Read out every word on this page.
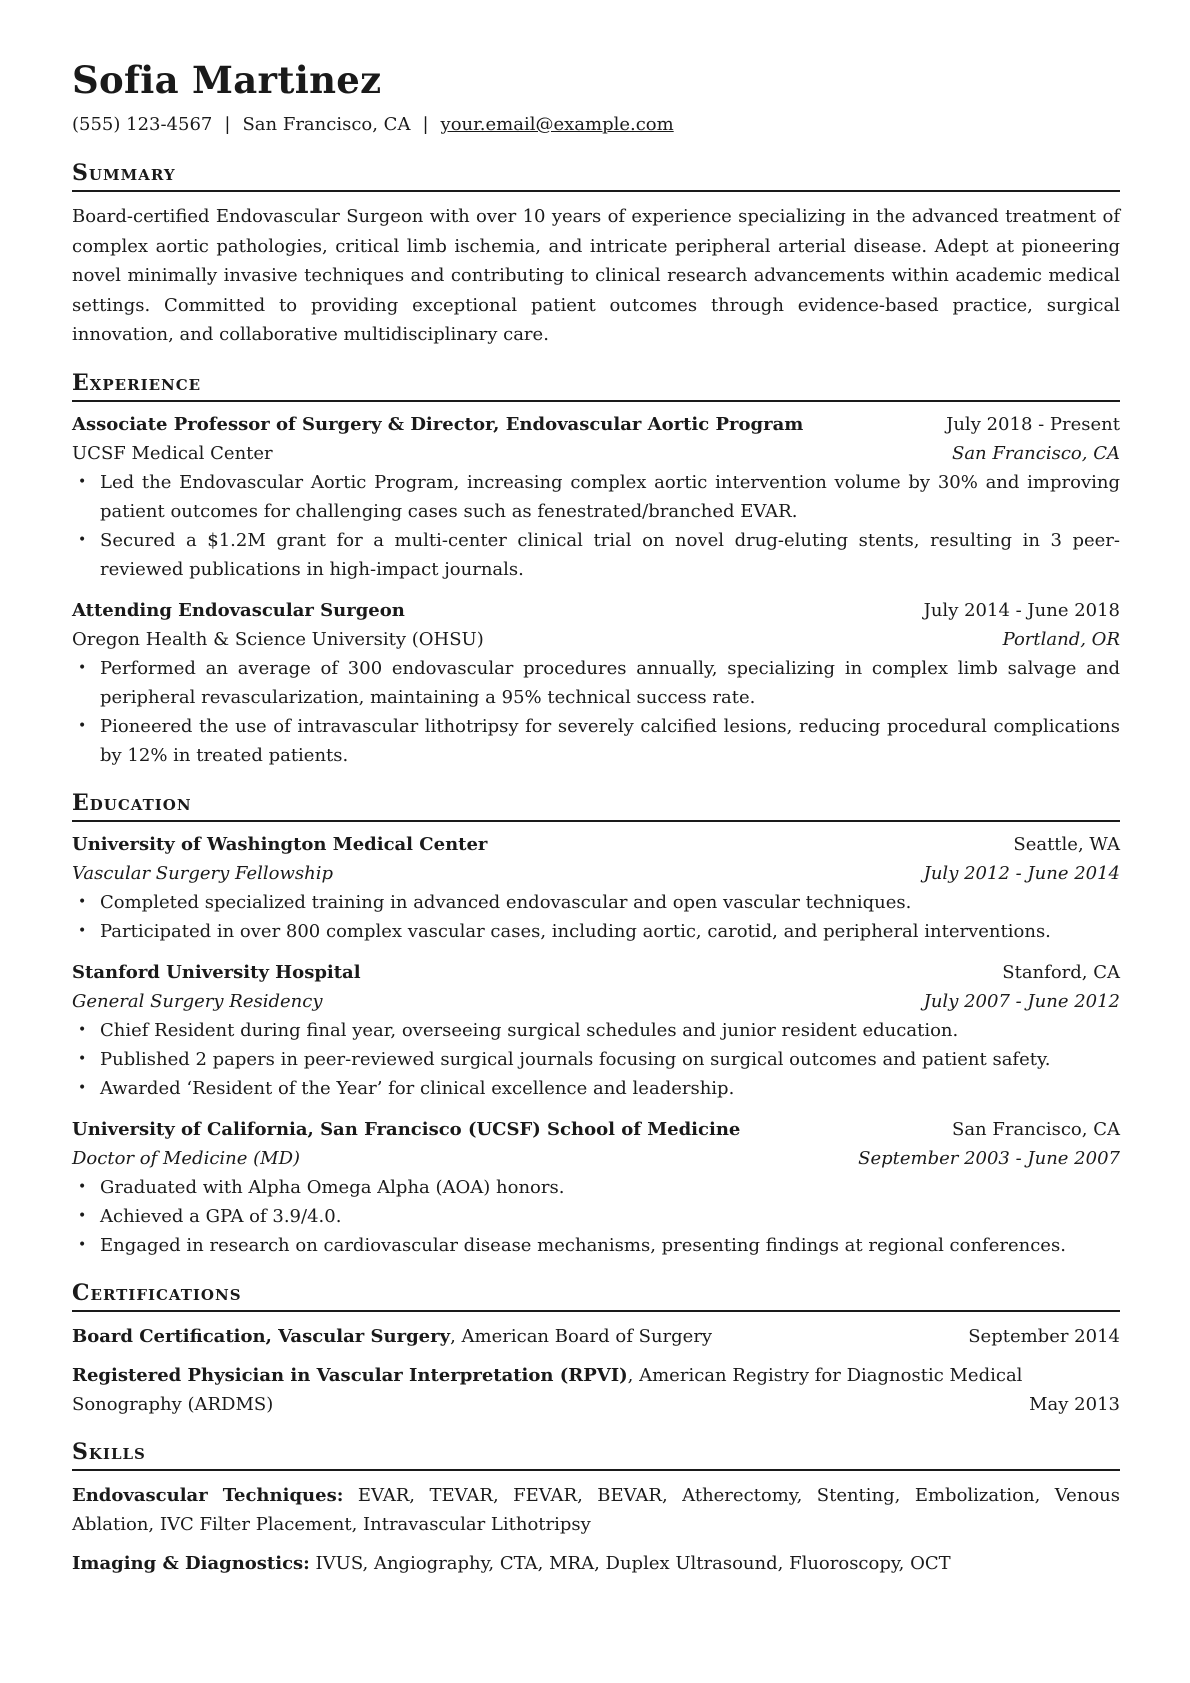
Sofia Martinez
(555) 123-4567 | San Francisco, CA | your.email@example.com
Summary
Board-certified Endovascular Surgeon with over 10 years of experience specializing in the advanced treatment of complex aortic pathologies, critical limb ischemia, and intricate peripheral arterial disease. Adept at pioneering novel minimally invasive techniques and contributing to clinical research advancements within academic medical settings. Committed to providing exceptional patient outcomes through evidence-based practice, surgical innovation, and collaborative multidisciplinary care.
Experience
Associate Professor of Surgery & Director, Endovascular Aortic Program	July 2018 - Present
UCSF Medical Center	San Francisco, CA
• Led the Endovascular Aortic Program, increasing complex aortic intervention volume by 30% and improving patient outcomes for challenging cases such as fenestrated/branched EVAR.
• Secured a $1.2M grant for a multi-center clinical trial on novel drug-eluting stents, resulting in 3 peer-reviewed publications in high-impact journals.
Attending Endovascular Surgeon	July 2014 - June 2018
Oregon Health & Science University (OHSU)	Portland, OR
• Performed an average of 300 endovascular procedures annually, specializing in complex limb salvage and peripheral revascularization, maintaining a 95% technical success rate.
• Pioneered the use of intravascular lithotripsy for severely calcified lesions, reducing procedural complications by 12% in treated patients.
Education
University of Washington Medical Center	Seattle, WA
Vascular Surgery Fellowship	July 2012 - June 2014
• Completed specialized training in advanced endovascular and open vascular techniques.
• Participated in over 800 complex vascular cases, including aortic, carotid, and peripheral interventions.
Stanford University Hospital	Stanford, CA
General Surgery Residency	July 2007 - June 2012
• Chief Resident during final year, overseeing surgical schedules and junior resident education.
• Published 2 papers in peer-reviewed surgical journals focusing on surgical outcomes and patient safety.
• Awarded ‘Resident of the Year’ for clinical excellence and leadership.
University of California, San Francisco (UCSF) School of Medicine	San Francisco, CA
Doctor of Medicine (MD)	September 2003 - June 2007
• Graduated with Alpha Omega Alpha (AOA) honors.
• Achieved a GPA of 3.9/4.0.
• Engaged in research on cardiovascular disease mechanisms, presenting findings at regional conferences.
Certifications
Board Certification, Vascular Surgery, American Board of Surgery	September 2014
Registered Physician in Vascular Interpretation (RPVI), American Registry for Diagnostic Medical
Sonography (ARDMS)	May 2013
Skills
Endovascular Techniques: EVAR, TEVAR, FEVAR, BEVAR, Atherectomy, Stenting, Embolization, Venous Ablation, IVC Filter Placement, Intravascular Lithotripsy
Imaging & Diagnostics: IVUS, Angiography, CTA, MRA, Duplex Ultrasound, Fluoroscopy, OCT
